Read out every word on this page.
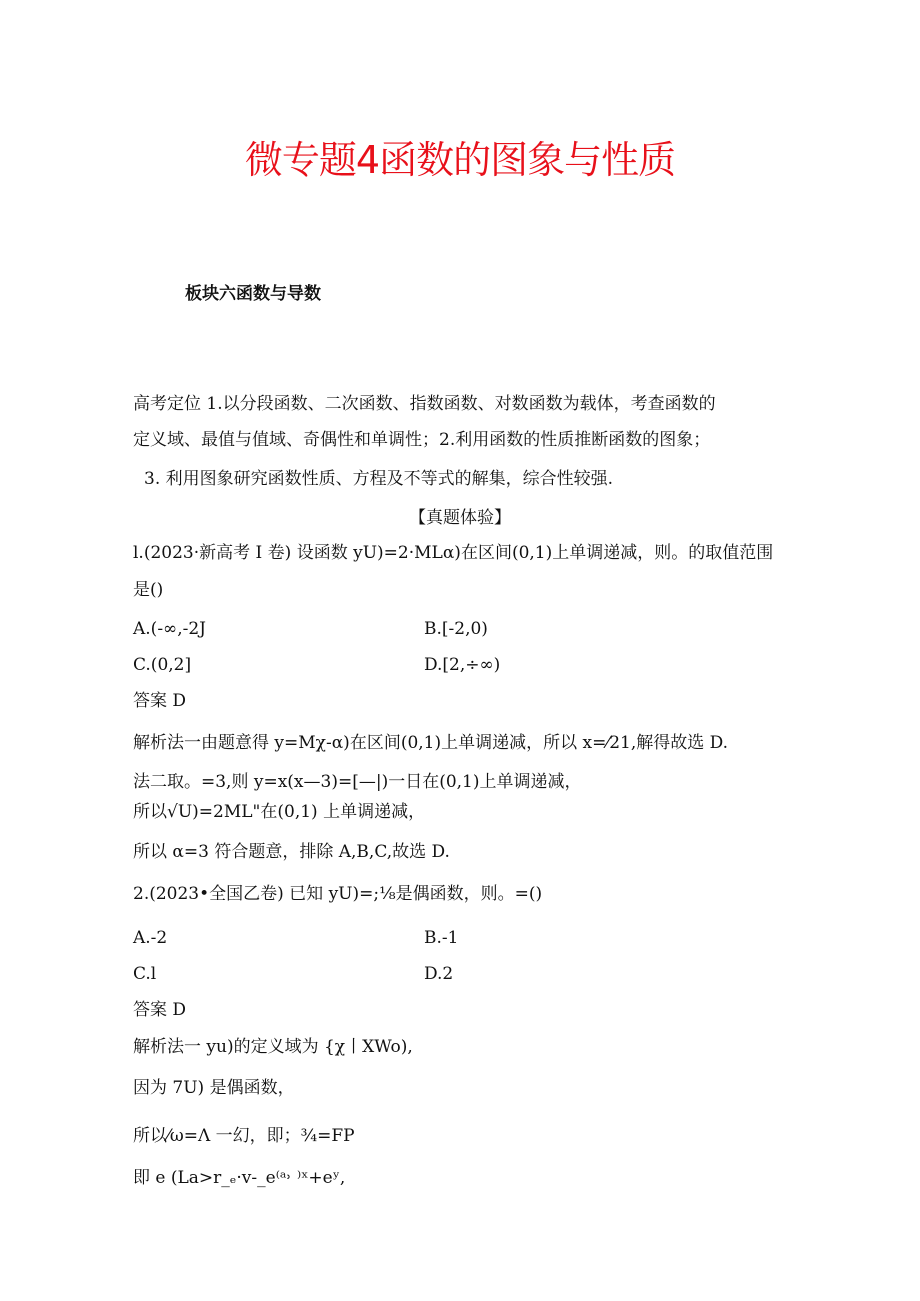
微专题4函数的图象与性质
板块六函数与导数
高考定位 1.以分段函数、二次函数、指数函数、对数函数为载体，考查函数的
定义域、最值与值域、奇偶性和单调性；2.利用函数的性质推断函数的图象；
3. 利用图象研究函数性质、方程及不等式的解集，综合性较强.
【真题体验】
l.(2023·新高考 I 卷) 设函数 yU)=2·MLα)在区间(0,1)上单调递减，则。的取值范围
是()
A.(-∞,-2J	B.[-2,0)
C.(0,2]	D.[2,÷∞)
答案 D
解析法一由题意得 y=Mχ-α)在区间(0,1)上单调递减，所以 x=⁄21,解得故选 D.
法二取。=3,则 y=x(x—3)=[—|)一日在(0,1)上单调递减，
所以√U)=2ML"在(0,1) 上单调递减，
所以 α=3 符合题意，排除 A,B,C,故选 D.
2.(2023•全国乙卷) 已知 yU)=;⅛是偶函数，则。=()
A.-2	B.-1
C.l	D.2
答案 D
解析法一 yu)的定义域为 {χ丨XWo),
因为 7U) 是偶函数，
所以⁄ω=Λ 一幻，即；¾=FP
即 e (La>r_ₑ·v-_e⁽ᵃ˒ ⁾ˣ+eʸ,
